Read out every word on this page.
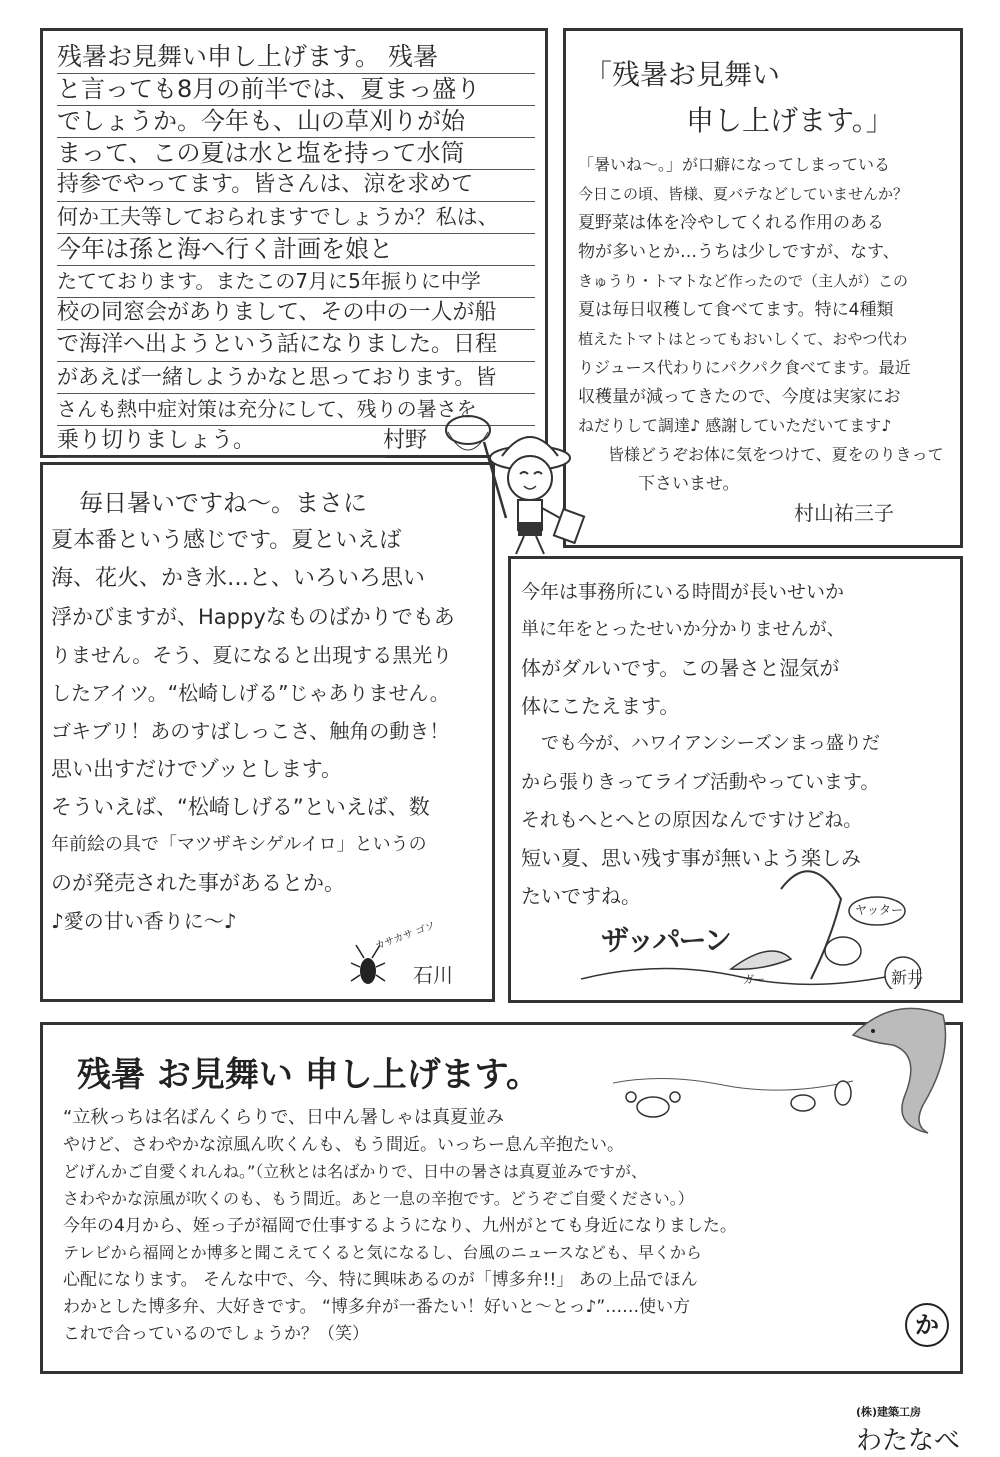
残暑お見舞い申し上げます。 残暑
と言っても8月の前半では、夏まっ盛り
でしょうか。今年も、山の草刈りが始
まって、この夏は水と塩を持って水筒
持参でやってます。皆さんは、涼を求めて
何か工夫等しておられますでしょうか？私は、
今年は孫と海へ行く計画を娘と
たてております。またこの7月に5年振りに中学
校の同窓会がありまして、その中の一人が船
で海洋へ出ようという話になりました。日程
があえば一緒しようかなと思っております。皆
さんも熱中症対策は充分にして、残りの暑さを
乗り切りましょう。	村野
「残暑お見舞い
申し上げます。」
「暑いね〜。」が口癖になってしまっている
今日この頃、皆様、夏バテなどしていませんか？
夏野菜は体を冷やしてくれる作用のある
物が多いとか…うちは少しですが、なす、
きゅうり・トマトなど作ったので（主人が）この
夏は毎日収穫して食べてます。特に4種類
植えたトマトはとってもおいしくて、おやつ代わ
りジュース代わりにパクパク食べてます。最近
収穫量が減ってきたので、今度は実家にお
ねだりして調達♪ 感謝していただいてます♪
皆様どうぞお体に気をつけて、夏をのりきって
下さいませ。
村山祐三子
毎日暑いですね〜。まさに
夏本番という感じです。夏といえば
海、花火、かき氷…と、いろいろ思い
浮かびますが、Happyなものばかりでもあ
りません。そう、夏になると出現する黒光り
したアイツ。“松崎しげる”じゃありません。
ゴキブリ！あのすばしっこさ、触角の動き！
思い出すだけでゾッとします。
そういえば、“松崎しげる”といえば、数
年前絵の具で「マツザキシゲルイロ」というの
のが発売された事があるとか。
♪愛の甘い香りに〜♪	カサカサ ゴソ
石川
今年は事務所にいる時間が長いせいか
単に年をとったせいか分かりませんが、
体がダルいです。この暑さと湿気が
体にこたえます。
でも今が、ハワイアンシーズンまっ盛りだ
から張りきってライブ活動やっています。
それもへとへとの原因なんですけどね。
短い夏、思い残す事が無いよう楽しみ
たいですね。
ザッパーン
ガー
ヤッター
新井
残暑 お見舞い 申し上げます。
“立秋っちは名ばんくらりで、日中ん暑しゃは真夏並み
やけど、さわやかな涼風ん吹くんも、もう間近。いっちー息ん辛抱たい。
どげんかご自愛くれんね。”（立秋とは名ばかりで、日中の暑さは真夏並みですが、
さわやかな涼風が吹くのも、もう間近。あと一息の辛抱です。どうぞご自愛ください。）
今年の4月から、姪っ子が福岡で仕事するようになり、九州がとても身近になりました。
テレビから福岡とか博多と聞こえてくると気になるし、台風のニュースなども、早くから
心配になります。 そんな中で、今、特に興味あるのが「博多弁!!」 あの上品でほん
わかとした博多弁、大好きです。 “博多弁が一番たい！好いと〜とっ♪”……使い方
これで合っているのでしょうか？（笑）	か

(株)建築工房
わたなべ
